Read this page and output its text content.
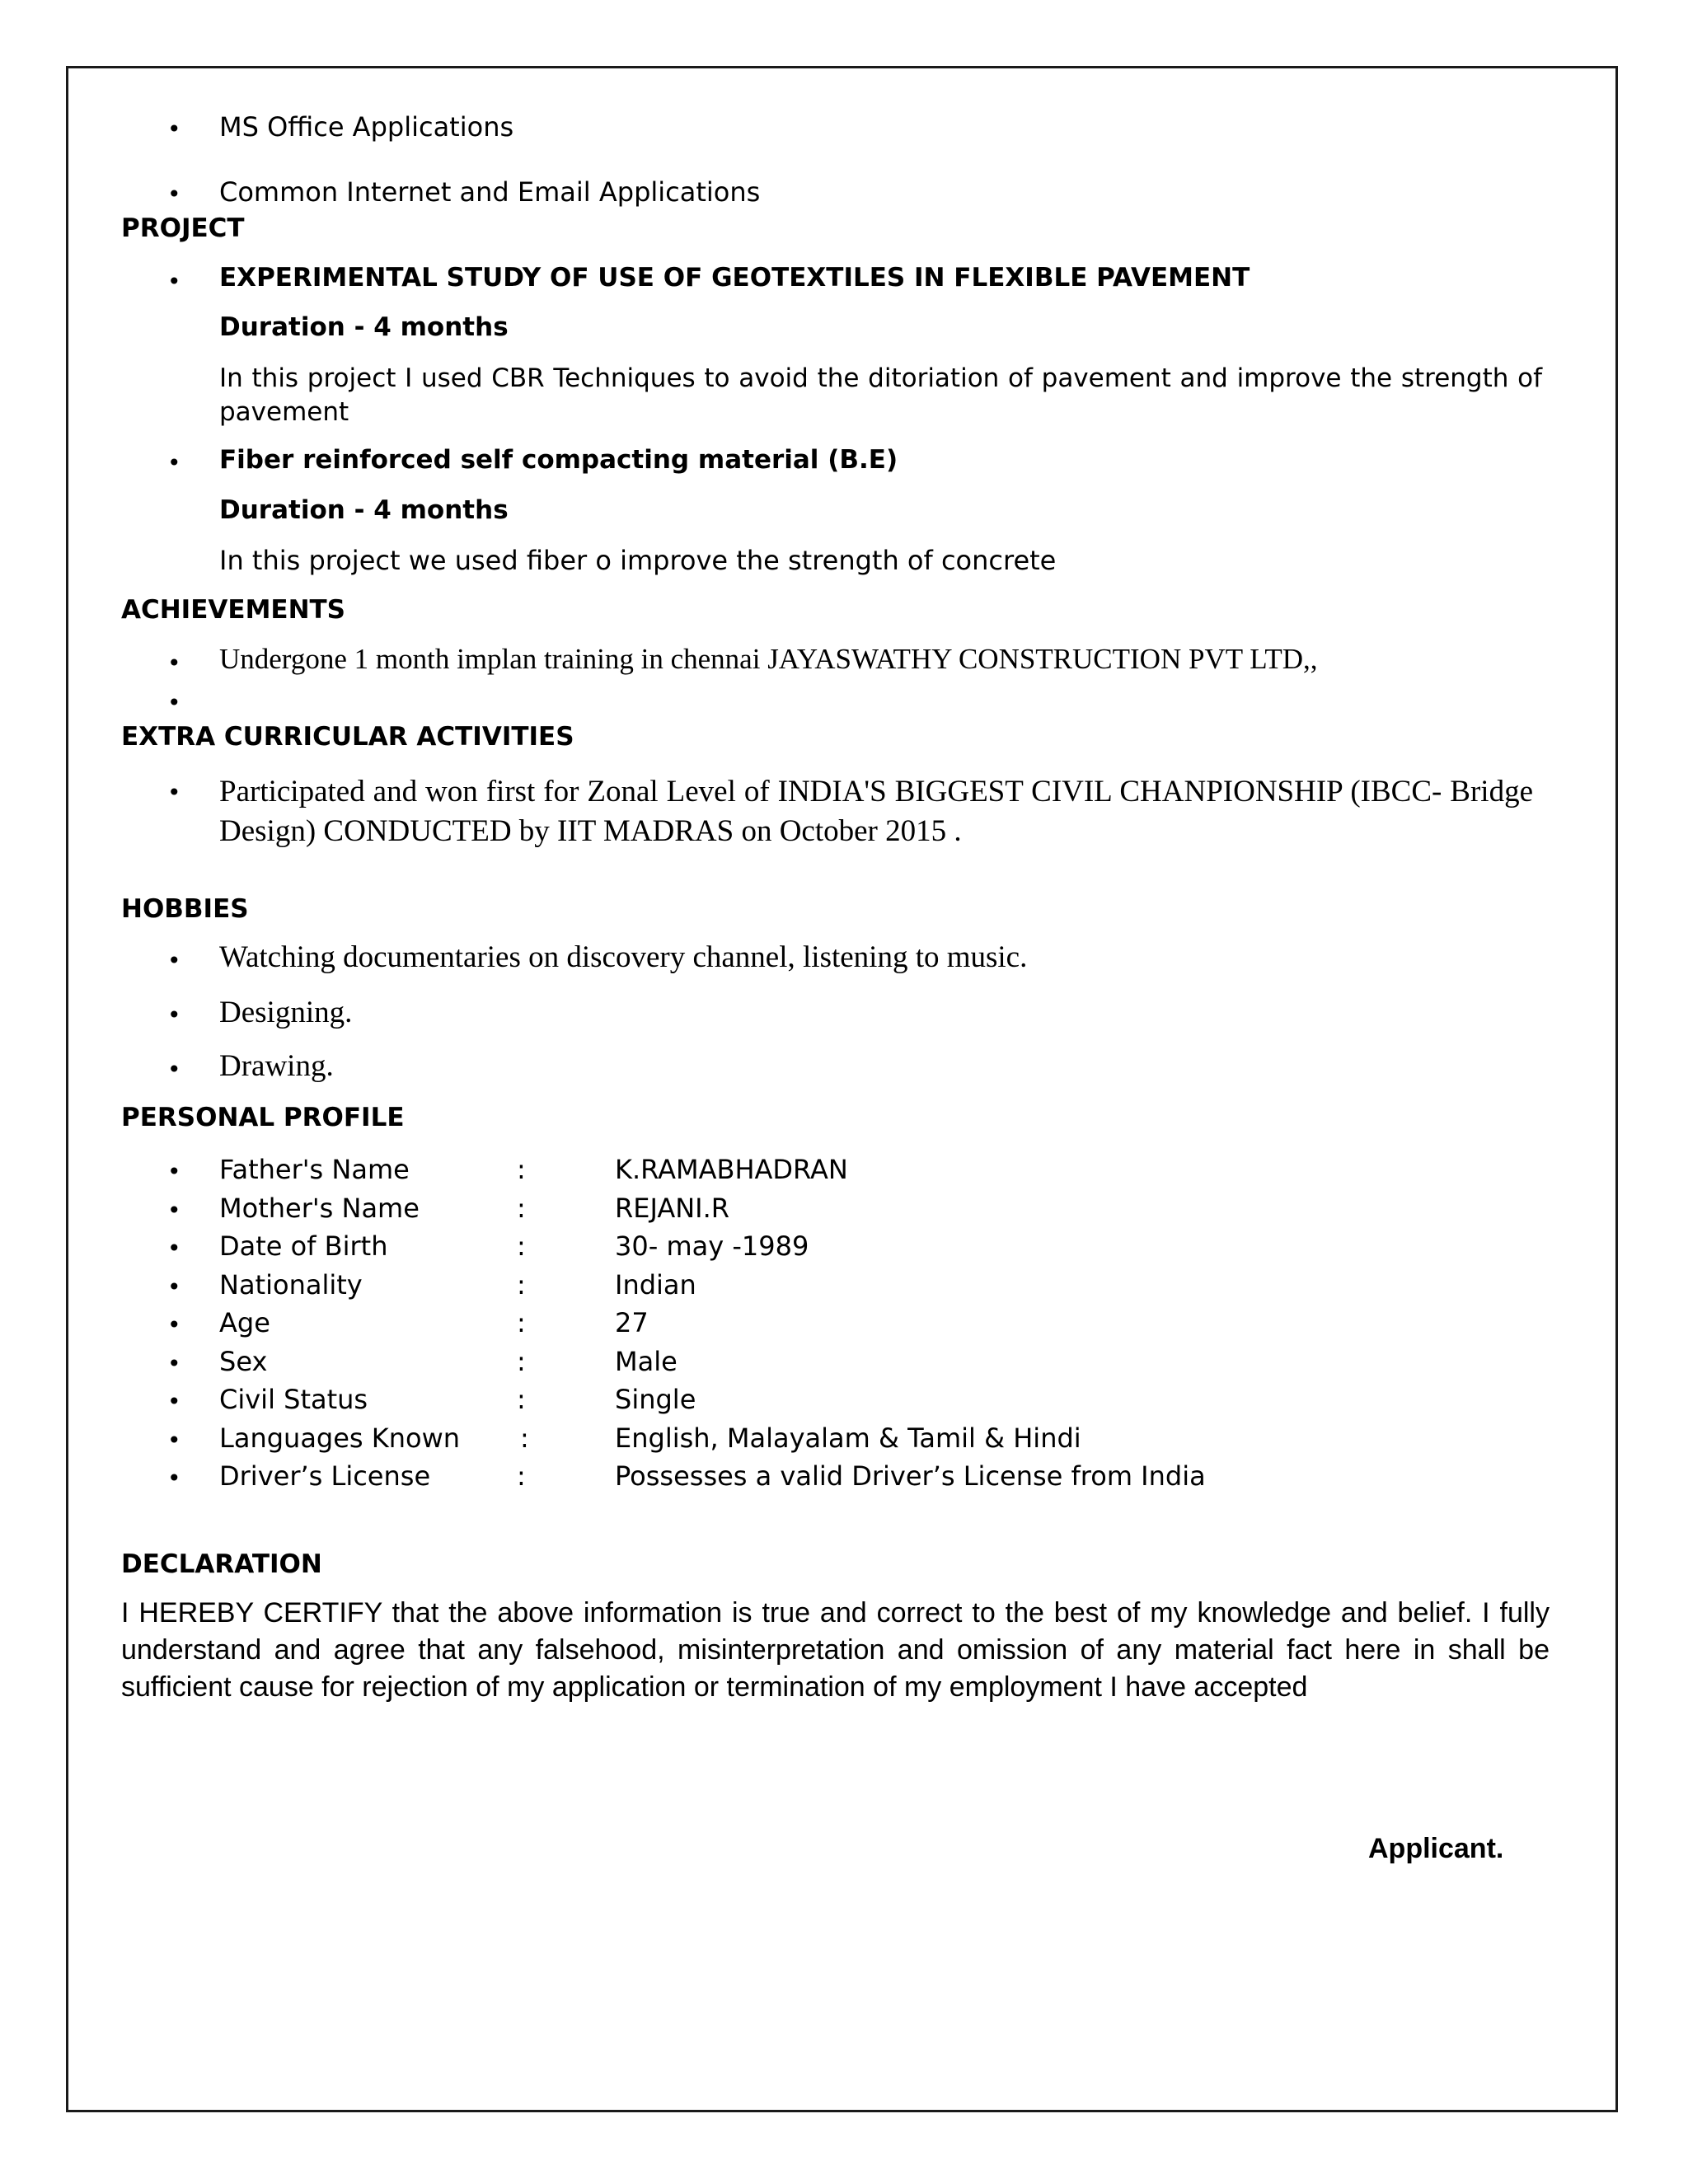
• MS Office Applications
• Common Internet and Email Applications
PROJECT
• EXPERIMENTAL STUDY OF USE OF GEOTEXTILES IN FLEXIBLE PAVEMENT
Duration - 4 months
In this project I used CBR Techniques to avoid the ditoriation of pavement and improve the strength of pavement
• Fiber reinforced self compacting material (B.E)
Duration - 4 months
In this project we used fiber o improve the strength of concrete
ACHIEVEMENTS
• Undergone 1 month implan training in chennai JAYASWATHY CONSTRUCTION PVT LTD,,
•
EXTRA CURRICULAR ACTIVITIES
• Participated and won first for Zonal Level of INDIA'S BIGGEST CIVIL CHANPIONSHIP (IBCC- Bridge Design) CONDUCTED by IIT MADRAS on October 2015 .
HOBBIES
• Watching documentaries on discovery channel, listening to music.
• Designing.
• Drawing.
PERSONAL PROFILE
• Father's Name	:	K.RAMABHADRAN
• Mother's Name	:	REJANI.R
• Date of Birth	:	30- may -1989
• Nationality	:	Indian
• Age	:	27
• Sex	:	Male
• Civil Status	:	Single
• Languages Known :	English, Malayalam & Tamil & Hindi
• Driver’s License	:	Possesses a valid Driver’s License from India
DECLARATION
I HEREBY CERTIFY that the above information is true and correct to the best of my knowledge and belief. I fully understand and agree that any falsehood, misinterpretation and omission of any material fact here in shall be sufficient cause for rejection of my application or termination of my employment I have accepted
Applicant.
